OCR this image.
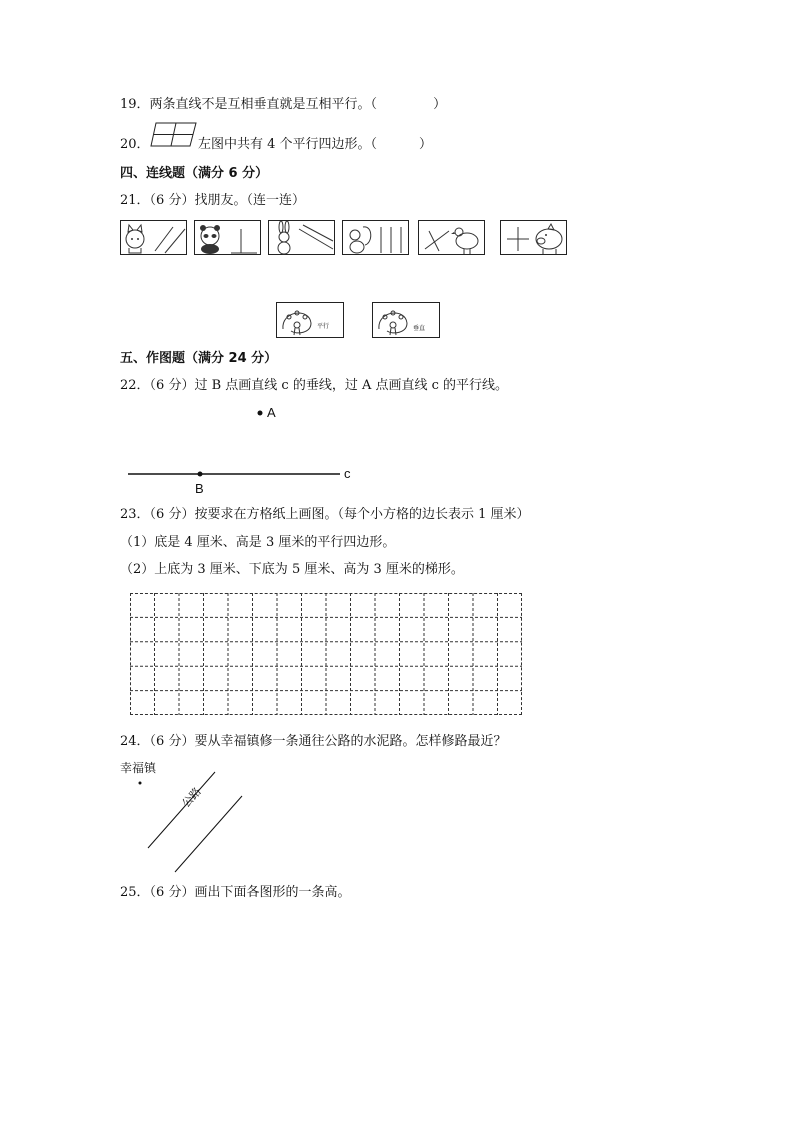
19．两条直线不是互相垂直就是互相平行。（	）
20．	左图中共有 4 个平行四边形。（	）
四、连线题（满分 6 分）
21．（6 分）找朋友。（连一连）
平行	垂直
五、作图题（满分 24 分）
22．（6 分）过 B 点画直线 c 的垂线，过 A 点画直线 c 的平行线。
A
B
c
23．（6 分）按要求在方格纸上画图。（每个小方格的边长表示 1 厘米）
（1）底是 4 厘米、高是 3 厘米的平行四边形。
（2）上底为 3 厘米、下底为 5 厘米、高为 3 厘米的梯形。
24．（6 分）要从幸福镇修一条通往公路的水泥路。怎样修路最近？
幸福镇
公路
25．（6 分）画出下面各图形的一条高。
